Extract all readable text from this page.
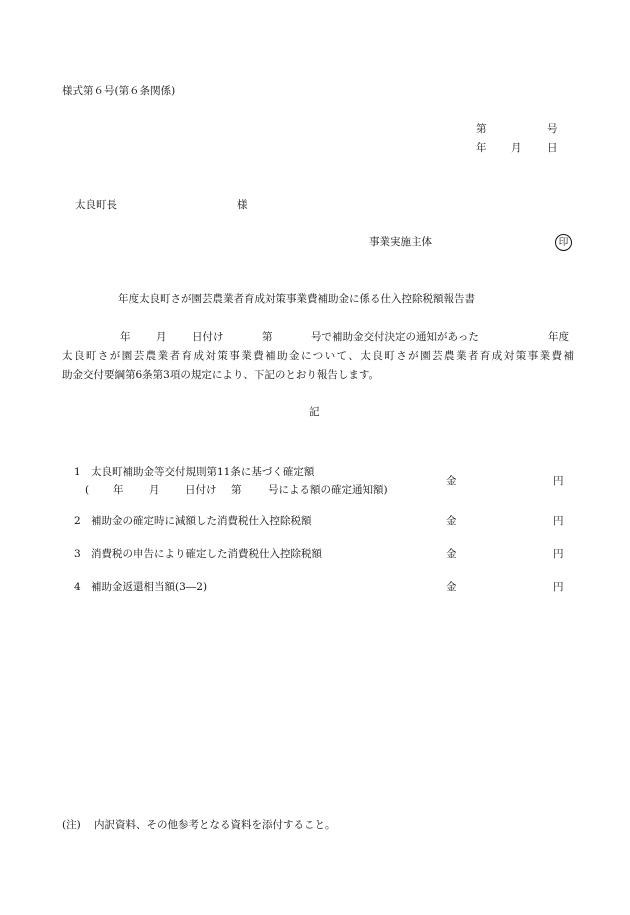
様式第６号(第６条関係)
第	号
年 月 日
太良町長	様
事業実施主体	印
年度太良町さが園芸農業者育成対策事業費補助金に係る仕入控除税額報告書
年 月 日付け	第	号で補助金交付決定の通知があった	年度
太良町さが園芸農業者育成対策事業費補助金について、太良町さが園芸農業者育成対策事業費補
助金交付要綱第6条第3項の規定により、下記のとおり報告します。
記
1 太良町補助金等交付規則第11条に基づく確定額
( 年 月 日付け 第	号による額の確定通知額)
金	円
2 補助金の確定時に減額した消費税仕入控除税額	金	円
3 消費税の申告により確定した消費税仕入控除税額	金	円
4 補助金返還相当額(3―2)	金	円
(注) 内訳資料、その他参考となる資料を添付すること。
